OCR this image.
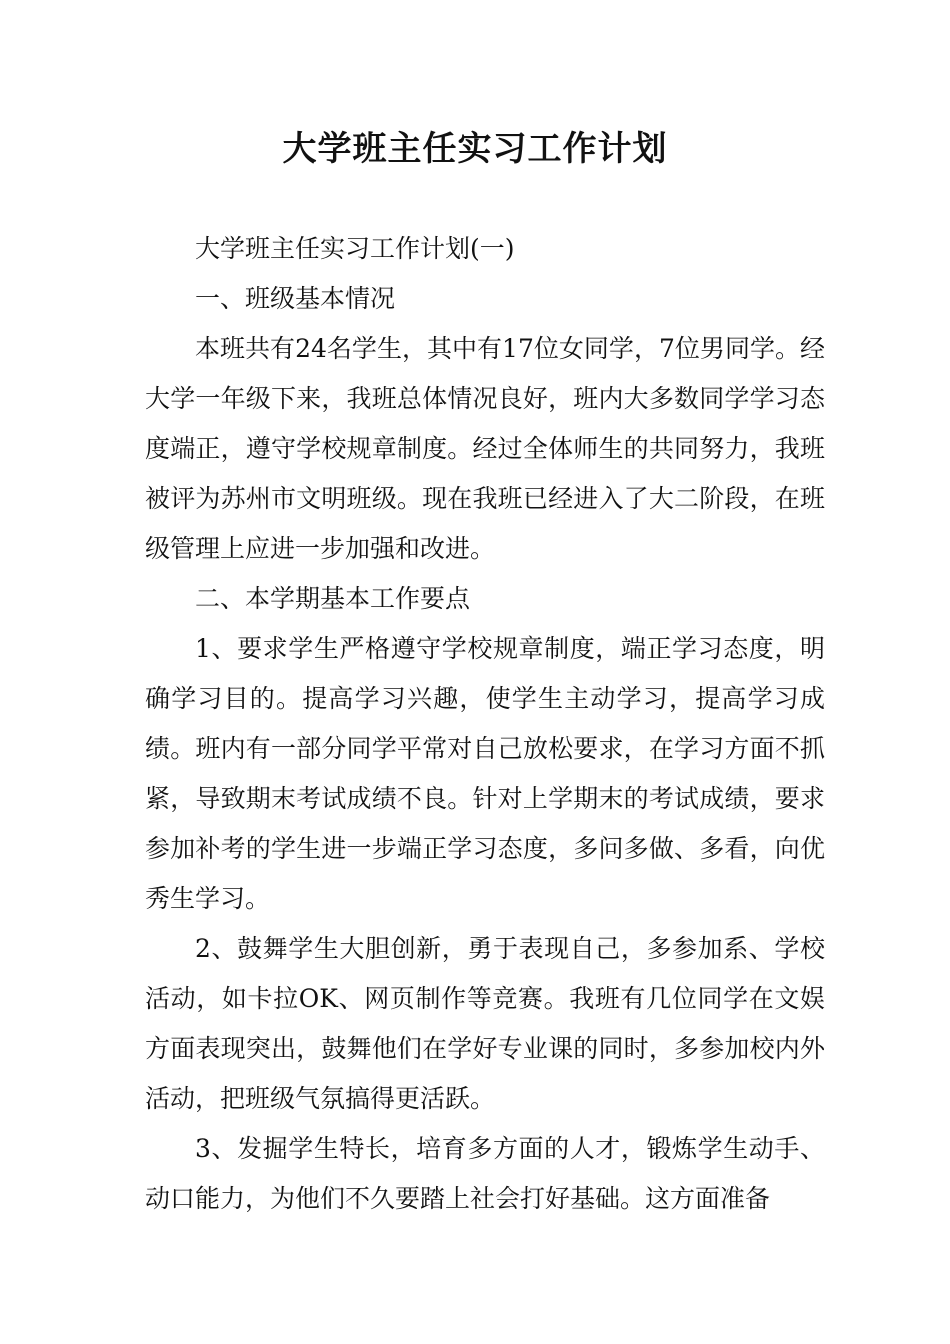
大学班主任实习工作计划

大学班主任实习工作计划(一)

一、班级基本情况

本班共有24名学生，其中有17位女同学，7位男同学。经大学一年级下来，我班总体情况良好，班内大多数同学学习态度端正，遵守学校规章制度。经过全体师生的共同努力，我班被评为苏州市文明班级。现在我班已经进入了大二阶段，在班级管理上应进一步加强和改进。

二、本学期基本工作要点

1、要求学生严格遵守学校规章制度，端正学习态度，明确学习目的。提高学习兴趣，使学生主动学习，提高学习成绩。班内有一部分同学平常对自己放松要求，在学习方面不抓紧，导致期末考试成绩不良。针对上学期末的考试成绩，要求参加补考的学生进一步端正学习态度，多问多做、多看，向优秀生学习。

2、鼓舞学生大胆创新，勇于表现自己，多参加系、学校活动，如卡拉OK、网页制作等竞赛。我班有几位同学在文娱方面表现突出，鼓舞他们在学好专业课的同时，多参加校内外活动，把班级气氛搞得更活跃。

3、发掘学生特长，培育多方面的人才，锻炼学生动手、动口能力，为他们不久要踏上社会打好基础。这方面准备
